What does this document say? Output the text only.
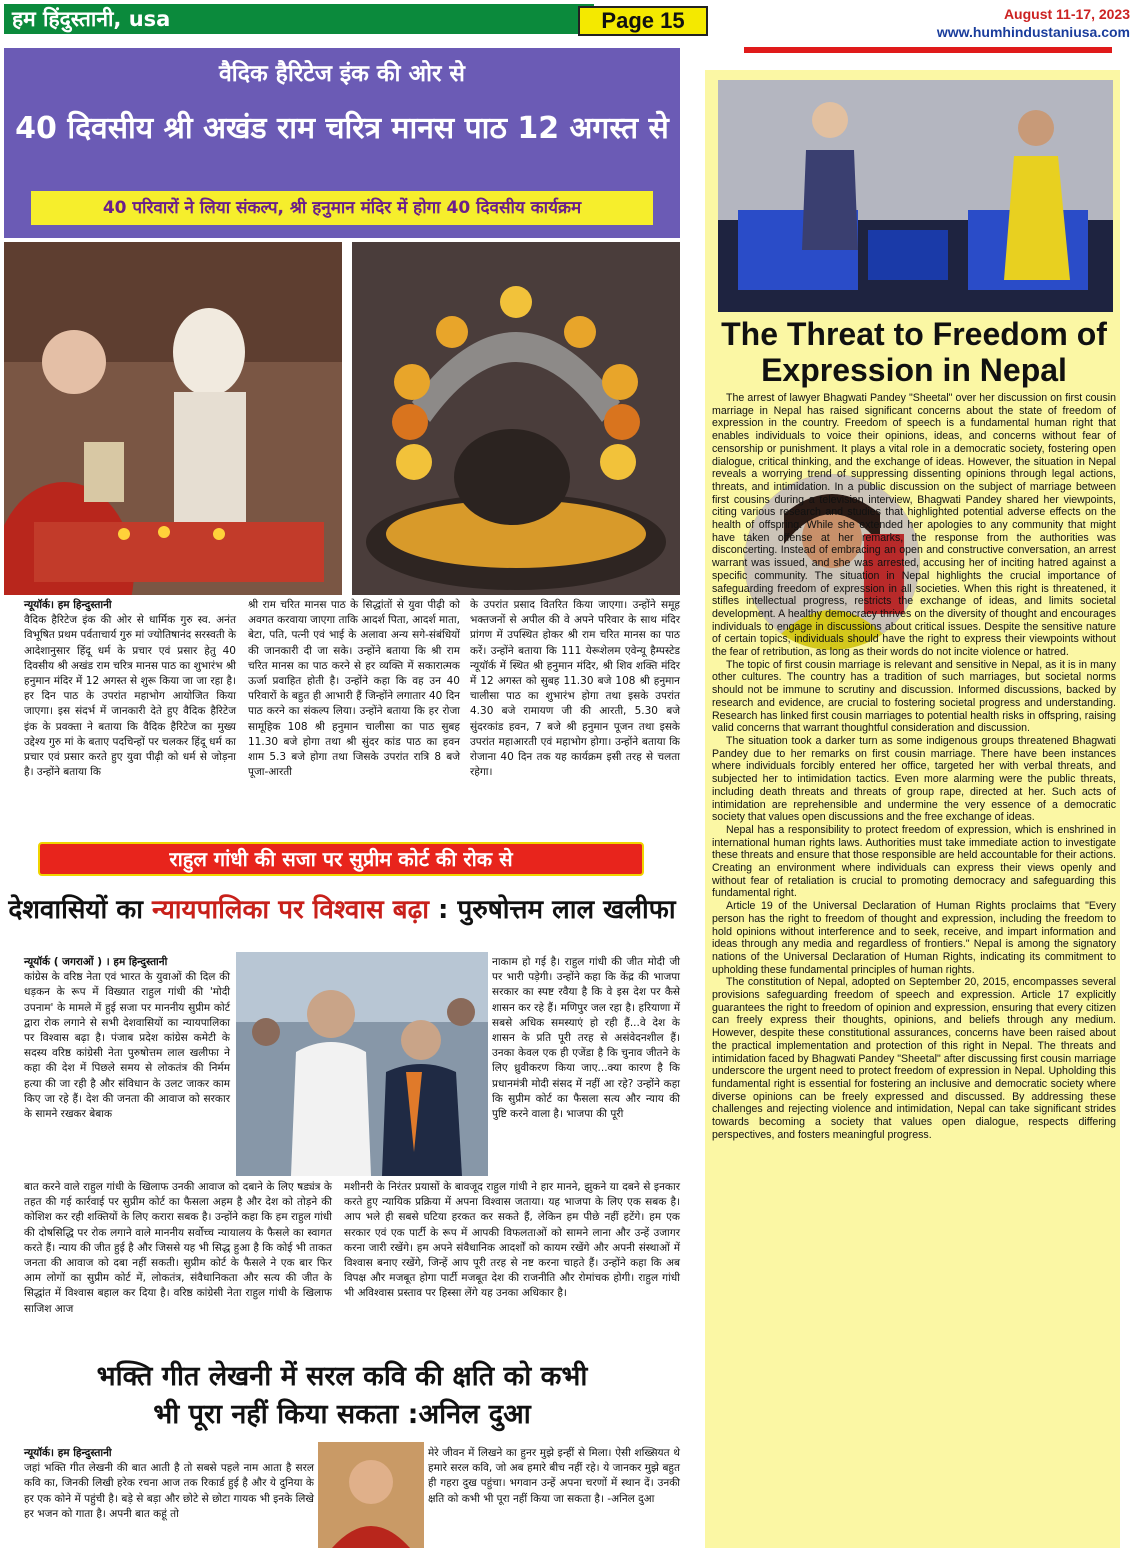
हम हिंदुस्तानी, usa	Page 15	August 11-17, 2023
www.humhindustaniusa.com
वैदिक हैरिटेज इंक की ओर से
40 दिवसीय श्री अखंड राम चरित्र मानस पाठ 12 अगस्त से
40 परिवारों ने लिया संकल्प, श्री हनुमान मंदिर में होगा 40 दिवसीय कार्यक्रम

न्यूयॉर्क। हम हिन्दुस्तानी

वैदिक हैरिटेज इंक की ओर से धार्मिक गुरु स्व. अनंत विभूषित प्रथम पर्वताचार्य गुरु मां ज्योतिषानंद सरस्वती के आदेशानुसार हिंदू धर्म के प्रचार एवं प्रसार हेतु 40 दिवसीय श्री अखंड राम चरित्र मानस पाठ का शुभारंभ श्री हनुमान मंदिर में 12 अगस्त से शुरू किया जा जा रहा है। हर दिन पाठ के उपरांत महाभोग आयोजित किया जाएगा। इस संदर्भ में जानकारी देते हुए वैदिक हैरिटेज इंक के प्रवक्ता ने बताया कि वैदिक हैरिटेज का मुख्य उद्देश्य गुरु मां के बताए पदचिन्हों पर चलकर हिंदू धर्म का प्रचार एवं प्रसार करते हुए युवा पीढ़ी को धर्म से जोड़ना है। उन्होंने बताया कि

श्री राम चरित मानस पाठ के सिद्धांतों से युवा पीढ़ी को अवगत करवाया जाएगा ताकि आदर्श पिता, आदर्श माता, बेटा, पति, पत्नी एवं भाई के अलावा अन्य सगे-संबंधियों की जानकारी दी जा सके। उन्होंने बताया कि श्री राम चरित मानस का पाठ करने से हर व्यक्ति में सकारात्मक ऊर्जा प्रवाहित होती है। उन्होंने कहा कि वह उन 40 परिवारों के बहुत ही आभारी हैं जिन्होंने लगातार 40 दिन पाठ करने का संकल्प लिया। उन्होंने बताया कि हर रोजा सामूहिक 108 श्री हनुमान चालीसा का पाठ सुबह 11.30 बजे होगा तथा श्री सुंदर कांड पाठ का हवन शाम 5.3 बजे होगा तथा जिसके उपरांत रात्रि 8 बजे पूजा-आरती

के उपरांत प्रसाद वितरित किया जाएगा। उन्होंने समूह भक्तजनों से अपील की वे अपने परिवार के साथ मंदिर प्रांगण में उपस्थित होकर श्री राम चरित मानस का पाठ करें। उन्होंने बताया कि 111 येरूशेलम एवेन्यू हैम्पस्टेड न्यूयॉर्क में स्थित श्री हनुमान मंदिर, श्री शिव शक्ति मंदिर में 12 अगस्त को सुबह 11.30 बजे 108 श्री हनुमान चालीसा पाठ का शुभारंभ होगा तथा इसके उपरांत 4.30 बजे रामायण जी की आरती, 5.30 बजे सुंदरकांड हवन, 7 बजे श्री हनुमान पूजन तथा इसके उपरांत महाआरती एवं महाभोग होगा। उन्होंने बताया कि रोजाना 40 दिन तक यह कार्यक्रम इसी तरह से चलता रहेगा।

राहुल गांधी की सजा पर सुप्रीम कोर्ट की रोक से
देशवासियों का न्यायपालिका पर विश्वास बढ़ा : पुरुषोत्तम लाल खलीफा

न्यूयॉर्क ( जगराओं ) । हम हिन्दुस्तानी

कांग्रेस के वरिष्ठ नेता एवं भारत के युवाओं की दिल की धड़कन के रूप में विख्यात राहुल गांधी की 'मोदी उपनाम' के मामले में हुई सजा पर माननीय सुप्रीम कोर्ट द्वारा रोक लगाने से सभी देशवासियों का न्यायपालिका पर विश्वास बढ़ा है। पंजाब प्रदेश कांग्रेस कमेटी के सदस्य वरिष्ठ कांग्रेसी नेता पुरुषोत्तम लाल खलीफा ने कहा की देश में पिछले समय से लोकतंत्र की निर्मम हत्या की जा रही है और संविधान के उलट जाकर काम किए जा रहे हैं। देश की जनता की आवाज को सरकार के सामने रखकर बेबाक

नाकाम हो गई है। राहुल गांधी की जीत मोदी जी पर भारी पड़ेगी। उन्होंने कहा कि केंद्र की भाजपा सरकार का स्पष्ट रवैया है कि वे इस देश पर कैसे शासन कर रहे हैं। मणिपुर जल रहा है। हरियाणा में सबसे अधिक समस्याएं हो रही हैं...वे देश के शासन के प्रति पूरी तरह से असंवेदनशील हैं। उनका केवल एक ही एजेंडा है कि चुनाव जीतने के लिए ध्रुवीकरण किया जाए...क्या कारण है कि प्रधानमंत्री मोदी संसद में नहीं आ रहे? उन्होंने कहा कि सुप्रीम कोर्ट का फैसला सत्य और न्याय की पुष्टि करने वाला है। भाजपा की पूरी

बात करने वाले राहुल गांधी के खिलाफ उनकी आवाज को दबाने के लिए षड्यंत्र के तहत की गई कार्रवाई पर सुप्रीम कोर्ट का फैसला अहम है और देश को तोड़ने की कोशिश कर रही शक्तियों के लिए करारा सबक है। उन्होंने कहा कि हम राहुल गांधी की दोषसिद्धि पर रोक लगाने वाले माननीय सर्वोच्च न्यायालय के फैसले का स्वागत करते हैं। न्याय की जीत हुई है और जिससे यह भी सिद्ध हुआ है कि कोई भी ताकत जनता की आवाज को दबा नहीं सकती। सुप्रीम कोर्ट के फैसले ने एक बार फिर आम लोगों का सुप्रीम कोर्ट में, लोकतंत्र, संवैधानिकता और सत्य की जीत के सिद्धांत में विश्वास बहाल कर दिया है। वरिष्ठ कांग्रेसी नेता राहुल गांधी के खिलाफ साजिश आज

मशीनरी के निरंतर प्रयासों के बावजूद राहुल गांधी ने हार मानने, झुकने या दबने से इनकार करते हुए न्यायिक प्रक्रिया में अपना विश्वास जताया। यह भाजपा के लिए एक सबक है। आप भले ही सबसे घटिया हरकत कर सकते हैं, लेकिन हम पीछे नहीं हटेंगे। हम एक सरकार एवं एक पार्टी के रूप में आपकी विफलताओं को सामने लाना और उन्हें उजागर करना जारी रखेंगे। हम अपने संवैधानिक आदर्शों को कायम रखेंगे और अपनी संस्थाओं में विश्वास बनाए रखेंगे, जिन्हें आप पूरी तरह से नष्ट करना चाहते हैं। उन्होंने कहा कि अब विपक्ष और मजबूत होगा पार्टी मजबूत देश की राजनीति और रोमांचक होगी। राहुल गांधी भी अविश्वास प्रस्ताव पर हिस्सा लेंगे यह उनका अधिकार है।

भक्ति गीत लेखनी में सरल कवि की क्षति को कभी
भी पूरा नहीं किया सकता :अनिल दुआ

न्यूयॉर्क। हम हिन्दुस्तानी

जहां भक्ति गीत लेखनी की बात आती है तो सबसे पहले नाम आता है सरल कवि का, जिनकी लिखी हरेक रचना आज तक रिकार्ड हुई है और ये दुनिया के हर एक कोने में पहुंची है। बड़े से बड़ा और छोटे से छोटा गायक भी इनके लिखे हर भजन को गाता है। अपनी बात कहूं तो

मेरे जीवन में लिखने का हुनर मुझे इन्हीं से मिला। ऐसी शख्सियत थे हमारे सरल कवि, जो अब हमारे बीच नहीं रहे। ये जानकर मुझे बहुत ही गहरा दुख पहुंचा। भगवान उन्हें अपना चरणों में स्थान दें। उनकी क्षति को कभी भी पूरा नहीं किया जा सकता है। -अनिल दुआ

The Threat to Freedom of Expression in Nepal

The arrest of lawyer Bhagwati Pandey "Sheetal" over her discussion on first cousin marriage in Nepal has raised significant concerns about the state of freedom of expression in the country. Freedom of speech is a fundamental human right that enables individuals to voice their opinions, ideas, and concerns without fear of censorship or punishment. It plays a vital role in a democratic society, fostering open dialogue, critical thinking, and the exchange of ideas. However, the situation in Nepal reveals a worrying trend of suppressing dissenting opinions through legal actions, threats, and intimidation. In a public discussion on the subject of marriage between first cousins during a television interview, Bhagwati Pandey shared her viewpoints, citing various research and studies that highlighted potential adverse effects on the health of offspring. While she extended her apologies to any community that might have taken offense at her remarks, the response from the authorities was disconcerting. Instead of embracing an open and constructive conversation, an arrest warrant was issued, and she was arrested, accusing her of inciting hatred against a specific community. The situation in Nepal highlights the crucial importance of safeguarding freedom of expression in all societies. When this right is threatened, it stifles intellectual progress, restricts the exchange of ideas, and limits societal development. A healthy democracy thrives on the diversity of thought and encourages individuals to engage in discussions about critical issues. Despite the sensitive nature of certain topics, individuals should have the right to express their viewpoints without the fear of retribution, as long as their words do not incite violence or hatred.

The topic of first cousin marriage is relevant and sensitive in Nepal, as it is in many other cultures. The country has a tradition of such marriages, but societal norms should not be immune to scrutiny and discussion. Informed discussions, backed by research and evidence, are crucial to fostering societal progress and understanding. Research has linked first cousin marriages to potential health risks in offspring, raising valid concerns that warrant thoughtful consideration and discussion.

The situation took a darker turn as some indigenous groups threatened Bhagwati Pandey due to her remarks on first cousin marriage. There have been instances where individuals forcibly entered her office, targeted her with verbal threats, and subjected her to intimidation tactics. Even more alarming were the public threats, including death threats and threats of group rape, directed at her. Such acts of intimidation are reprehensible and undermine the very essence of a democratic society that values open discussions and the free exchange of ideas.

Nepal has a responsibility to protect freedom of expression, which is enshrined in international human rights laws. Authorities must take immediate action to investigate these threats and ensure that those responsible are held accountable for their actions. Creating an environment where individuals can express their views openly and without fear of retaliation is crucial to promoting democracy and safeguarding this fundamental right.

Article 19 of the Universal Declaration of Human Rights proclaims that "Every person has the right to freedom of thought and expression, including the freedom to hold opinions without interference and to seek, receive, and impart information and ideas through any media and regardless of frontiers." Nepal is among the signatory nations of the Universal Declaration of Human Rights, indicating its commitment to upholding these fundamental principles of human rights.

The constitution of Nepal, adopted on September 20, 2015, encompasses several provisions safeguarding freedom of speech and expression. Article 17 explicitly guarantees the right to freedom of opinion and expression, ensuring that every citizen can freely express their thoughts, opinions, and beliefs through any medium. However, despite these constitutional assurances, concerns have been raised about the practical implementation and protection of this right in Nepal. The threats and intimidation faced by Bhagwati Pandey "Sheetal" after discussing first cousin marriage underscore the urgent need to protect freedom of expression in Nepal. Upholding this fundamental right is essential for fostering an inclusive and democratic society where diverse opinions can be freely expressed and discussed. By addressing these challenges and rejecting violence and intimidation, Nepal can take significant strides towards becoming a society that values open dialogue, respects differing perspectives, and fosters meaningful progress.
